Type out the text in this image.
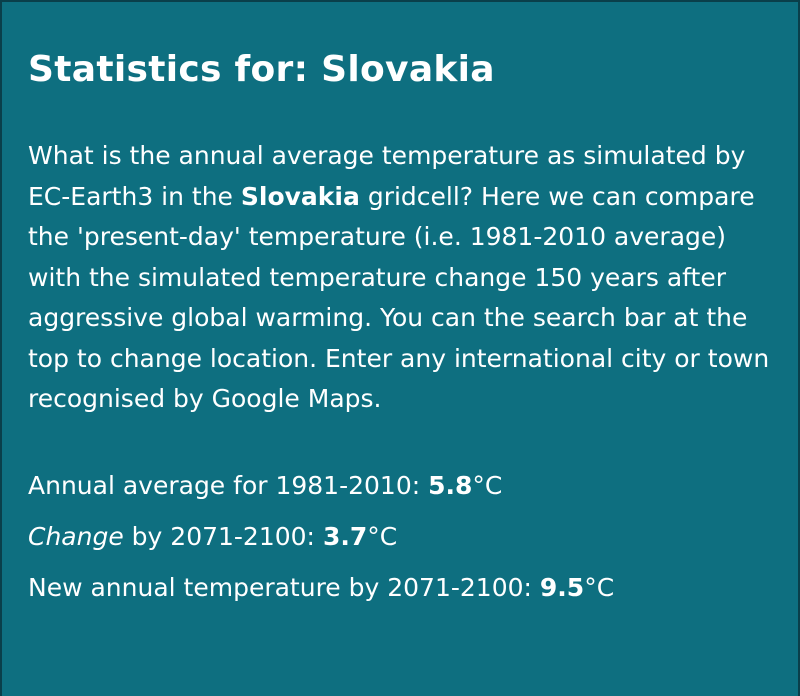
Statistics for: Slovakia

What is the annual average temperature as simulated by EC-Earth3 in the Slovakia gridcell? Here we can compare the 'present-day' temperature (i.e. 1981-2010 average) with the simulated temperature change 150 years after aggressive global warming. You can the search bar at the top to change location. Enter any international city or town recognised by Google Maps.

Annual average for 1981-2010: 5.8°C
Change by 2071-2100: 3.7°C
New annual temperature by 2071-2100: 9.5°C
